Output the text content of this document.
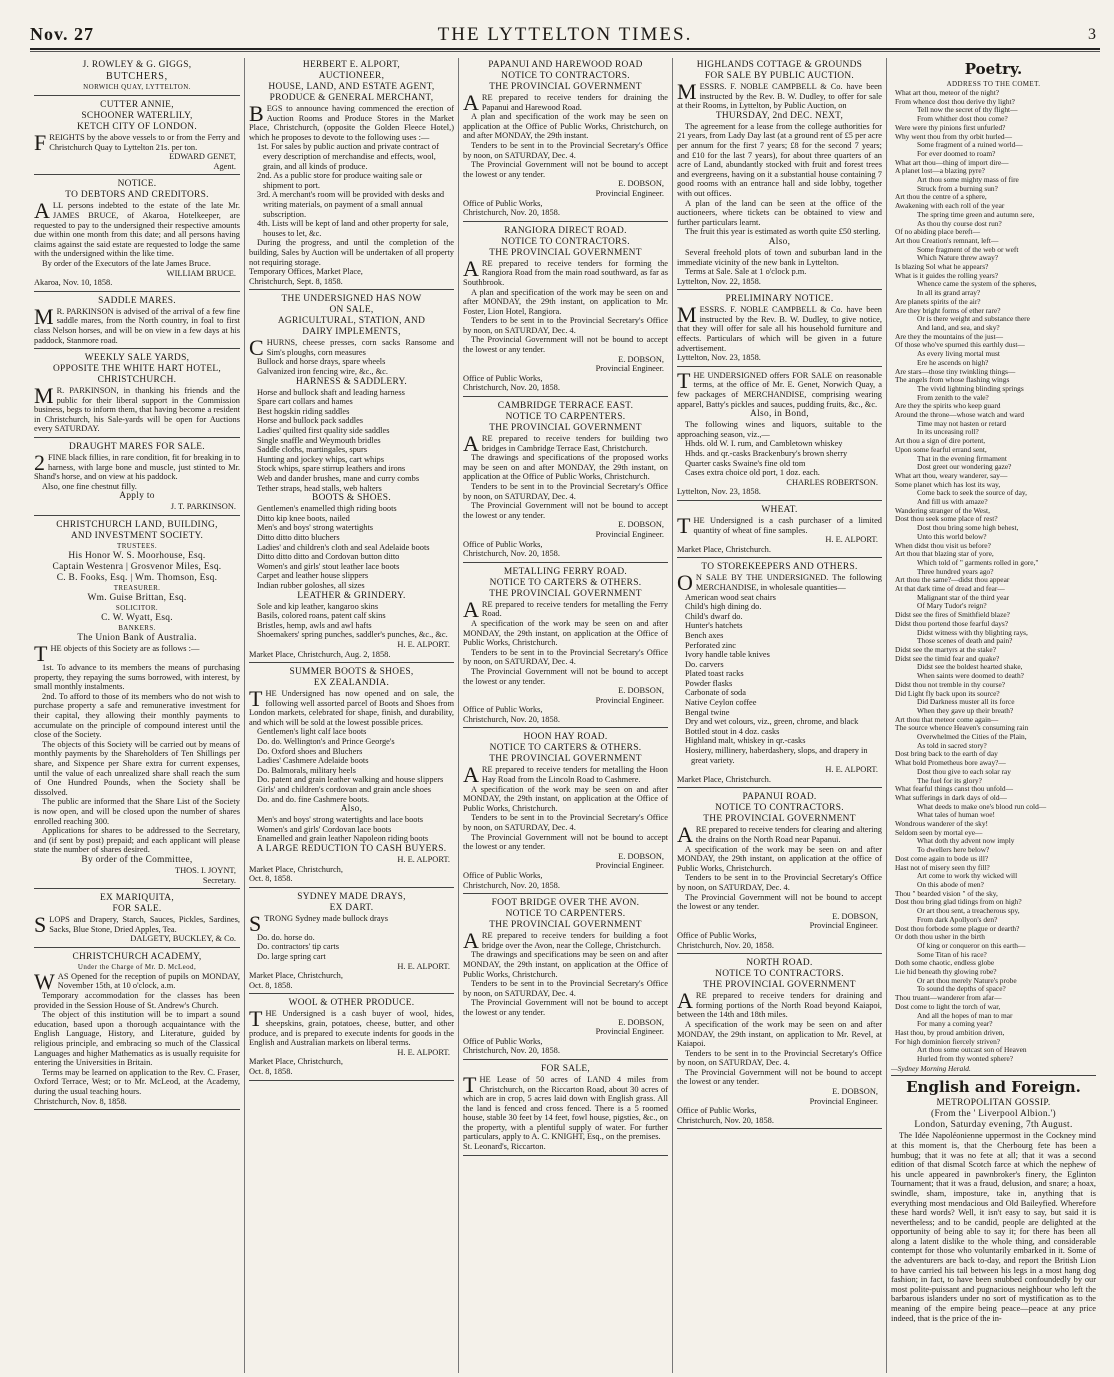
Nov. 27	THE LYTTELTON TIMES.	3
J. ROWLEY & G. GIGGS,
BUTCHERS,
NORWICH QUAY, LYTTELTON.
CUTTER ANNIE,
SCHOONER WATERLILY,
KETCH CITY OF LONDON.
FREIGHTS by the above vessels to or from the Ferry and Christchurch Quay to Lyttelton 21s. per ton.
EDWARD GENET,
Agent.
NOTICE.
TO DEBTORS AND CREDITORS.
ALL persons indebted to the estate of the late Mr. JAMES BRUCE, of Akaroa, Hotelkeeper, are requested to pay to the undersigned their respective amounts due within one month from this date; and all persons having claims against the said estate are requested to lodge the same with the undersigned within the like time.
By order of the Executors of the late James Bruce.
WILLIAM BRUCE.
Akaroa, Nov. 10, 1858.
SADDLE MARES.
M R. PARKINSON is advised of the arrival of a few fine saddle mares, from the North country, in foal to first class Nelson horses, and will be on view in a few days at his paddock, Stanmore road.
WEEKLY SALE YARDS,
OPPOSITE THE WHITE HART HOTEL,
CHRISTCHURCH.
M R. PARKINSON, in thanking his friends and the public for their liberal support in the Commission business, begs to inform them, that having become a resident in Christchurch, his Sale-yards will be open for Auctions every SATURDAY.
DRAUGHT MARES FOR SALE.
2 FINE black fillies, in rare condition, fit for breaking in to harness, with large bone and muscle, just stinted to Mr. Shand's horse, and on view at his paddock.
Also, one fine chestnut filly.
Apply to
J. T. PARKINSON.
CHRISTCHURCH LAND, BUILDING,
AND INVESTMENT SOCIETY.
TRUSTEES.
His Honor W. S. Moorhouse, Esq.
Captain Westenra | Grosvenor Miles, Esq.
C. B. Fooks, Esq. | Wm. Thomson, Esq.
TREASURER.
Wm. Guise Brittan, Esq.
SOLICITOR.
C. W. Wyatt, Esq.
BANKERS.
The Union Bank of Australia.
THE objects of this Society are as follows :—
1st. To advance to its members the means of purchasing property, they repaying the sums borrowed, with interest, by small monthly instalments.
2nd. To afford to those of its members who do not wish to purchase property a safe and remunerative investment for their capital, they allowing their monthly payments to accumulate on the principle of compound interest until the close of the Society.
The objects of this Society will be carried out by means of monthly payments by the Shareholders of Ten Shillings per share, and Sixpence per Share extra for current expenses, until the value of each unrealized share shall reach the sum of One Hundred Pounds, when the Society shall be dissolved.
The public are informed that the Share List of the Society is now open, and will be closed upon the number of shares enrolled reaching 300.
Applications for shares to be addressed to the Secretary, and (if sent by post) prepaid; and each applicant will please state the number of shares desired.
By order of the Committee,
THOS. I. JOYNT,
Secretary.
EX MARIQUITA,
FOR SALE.
SLOPS and Drapery, Starch, Sauces, Pickles, Sardines, Sacks, Blue Stone, Dried Apples, Tea.
DALGETY, BUCKLEY, & Co.
CHRISTCHURCH ACADEMY,
Under the Charge of Mr. D. McLeod,
WAS Opened for the reception of pupils on MONDAY, November 15th, at 10 o'clock, a.m.
Temporary accommodation for the classes has been provided in the Session House of St. Andrew's Church.
The object of this institution will be to impart a sound education, based upon a thorough acquaintance with the English Language, History, and Literature, guided by religious principle, and embracing so much of the Classical Languages and higher Mathematics as is usually requisite for entering the Universities in Britain.
Terms may be learned on application to the Rev. C. Fraser, Oxford Terrace, West; or to Mr. McLeod, at the Academy, during the usual teaching hours.
Christchurch, Nov. 8, 1858.
HERBERT E. ALPORT,
AUCTIONEER,
HOUSE, LAND, AND ESTATE AGENT,
PRODUCE & GENERAL MERCHANT,
BEGS to announce having commenced the erection of Auction Rooms and Produce Stores in the Market Place, Christchurch, (opposite the Golden Fleece Hotel,) which he proposes to devote to the following uses :—
1st. For sales by public auction and private contract of every description of merchandise and effects, wool, grain, and all kinds of produce.
2nd. As a public store for produce waiting sale or shipment to port.
3rd. A merchant's room will be provided with desks and writing materials, on payment of a small annual subscription.
4th. Lists will be kept of land and other property for sale, houses to let, &c.
During the progress, and until the completion of the building, Sales by Auction will be undertaken of all property not requiring storage.
Temporary Offices, Market Place,
Christchurch, Sept. 8, 1858.
THE UNDERSIGNED HAS NOW
ON SALE,
AGRICULTURAL, STATION, AND
DAIRY IMPLEMENTS,
CHURNS, cheese presses, corn sacks Ransome and Sim's ploughs, corn measures
Bullock and horse drays, spare wheels
Galvanized iron fencing wire, &c., &c.
HARNESS & SADDLERY.
Horse and bullock shaft and leading harness
Spare cart collars and hames
Best hogskin riding saddles
Horse and bullock pack saddles
Ladies' quilted first quality side saddles
Single snaffle and Weymouth bridles
Saddle cloths, martingales, spurs
Hunting and jockey whips, cart whips
Stock whips, spare stirrup leathers and irons
Web and dander brushes, mane and curry combs
Tether straps, head stalls, web halters
BOOTS & SHOES.
Gentlemen's enamelled thigh riding boots
Ditto kip knee boots, nailed
Men's and boys' strong watertights
Ditto ditto ditto bluchers
Ladies' and children's cloth and seal Adelaide boots
Ditto ditto ditto and Cordovan button ditto
Women's and girls' stout leather lace boots
Carpet and leather house slippers
Indian rubber goloshes, all sizes
LEATHER & GRINDERY.
Sole and kip leather, kangaroo skins
Basils, colored roans, patent calf skins
Bristles, hemp, awls and awl hafts
Shoemakers' spring punches, saddler's punches, &c., &c.
H. E. ALPORT.
Market Place, Christchurch, Aug. 2, 1858.
SUMMER BOOTS & SHOES,
EX ZEALANDIA.
THE Undersigned has now opened and on sale, the following well assorted parcel of Boots and Shoes from London markets, celebrated for shape, finish, and durability, and which will be sold at the lowest possible prices.
Gentlemen's light calf lace boots
Do. do. Wellington's and Prince George's
Do. Oxford shoes and Bluchers
Ladies' Cashmere Adelaide boots
Do. Balmorals, military heels
Do. patent and grain leather walking and house slippers
Girls' and children's cordovan and grain ancle shoes
Do. and do. fine Cashmere boots.
Also,
Men's and boys' strong watertights and lace boots
Women's and girls' Cordovan lace boots
Enamelled and grain leather Napoleon riding boots
A LARGE REDUCTION TO CASH BUYERS.
H. E. ALPORT.
Market Place, Christchurch,
Oct. 8, 1858.
SYDNEY MADE DRAYS,
EX DART.
STRONG Sydney made bullock drays
Do. do. horse do.
Do. contractors' tip carts
Do. large spring cart
H. E. ALPORT.
Market Place, Christchurch,
Oct. 8, 1858.
WOOL & OTHER PRODUCE.
THE Undersigned is a cash buyer of wool, hides, sheepskins, grain, potatoes, cheese, butter, and other produce, and is prepared to execute indents for goods in the English and Australian markets on liberal terms.
H. E. ALPORT.
Market Place, Christchurch,
Oct. 8, 1858.
PAPANUI AND HAREWOOD ROAD
NOTICE TO CONTRACTORS.
THE PROVINCIAL GOVERNMENT
ARE prepared to receive tenders for draining the Papanui and Harewood Road.
A plan and specification of the work may be seen on application at the Office of Public Works, Christchurch, on and after MONDAY, the 29th instant.
Tenders to be sent in to the Provincial Secretary's Office by noon, on SATURDAY, Dec. 4.
The Provincial Government will not be bound to accept the lowest or any tender.
E. DOBSON,
Provincial Engineer.
Office of Public Works,
Christchurch, Nov. 20, 1858.
RANGIORA DIRECT ROAD.
NOTICE TO CONTRACTORS.
THE PROVINCIAL GOVERNMENT
ARE prepared to receive tenders for forming the Rangiora Road from the main road southward, as far as Southbrook.
A plan and specification of the work may be seen on and after MONDAY, the 29th instant, on application to Mr. Foster, Lion Hotel, Rangiora.
Tenders to be sent in to the Provincial Secretary's Office by noon, on SATURDAY, Dec. 4.
The Provincial Government will not be bound to accept the lowest or any tender.
E. DOBSON,
Provincial Engineer.
Office of Public Works,
Christchurch, Nov. 20, 1858.
CAMBRIDGE TERRACE EAST.
NOTICE TO CARPENTERS.
THE PROVINCIAL GOVERNMENT
ARE prepared to receive tenders for building two bridges in Cambridge Terrace East, Christchurch.
The drawings and specifications of the proposed works may be seen on and after MONDAY, the 29th instant, on application at the Office of Public Works, Christchurch.
Tenders to be sent in to the Provincial Secretary's Office by noon, on SATURDAY, Dec. 4.
The Provincial Government will not be bound to accept the lowest or any tender.
E. DOBSON,
Provincial Engineer.
Office of Public Works,
Christchurch, Nov. 20, 1858.
METALLING FERRY ROAD.
NOTICE TO CARTERS & OTHERS.
THE PROVINCIAL GOVERNMENT
ARE prepared to receive tenders for metalling the Ferry Road.
A specification of the work may be seen on and after MONDAY, the 29th instant, on application at the Office of Public Works, Christchurch.
Tenders to be sent in to the Provincial Secretary's Office by noon, on SATURDAY, Dec. 4.
The Provincial Government will not be bound to accept the lowest or any tender.
E. DOBSON,
Provincial Engineer.
Office of Public Works,
Christchurch, Nov. 20, 1858.
HOON HAY ROAD.
NOTICE TO CARTERS & OTHERS.
THE PROVINCIAL GOVERNMENT
ARE prepared to receive tenders for metalling the Hoon Hay Road from the Lincoln Road to Cashmere.
A specification of the work may be seen on and after MONDAY, the 29th instant, on application at the Office of Public Works, Christchurch.
Tenders to be sent in to the Provincial Secretary's Office by noon, on SATURDAY, Dec. 4.
The Provincial Government will not be bound to accept the lowest or any tender.
E. DOBSON,
Provincial Engineer.
Office of Public Works,
Christchurch, Nov. 20, 1858.
FOOT BRIDGE OVER THE AVON.
NOTICE TO CARPENTERS.
THE PROVINCIAL GOVERNMENT
ARE prepared to receive tenders for building a foot bridge over the Avon, near the College, Christchurch.
The drawings and specifications may be seen on and after MONDAY, the 29th instant, on application at the Office of Public Works, Christchurch.
Tenders to be sent in to the Provincial Secretary's Office by noon, on SATURDAY, Dec. 4.
The Provincial Government will not be bound to accept the lowest or any tender.
E. DOBSON,
Provincial Engineer.
Office of Public Works,
Christchurch, Nov. 20, 1858.
FOR SALE,
THE Lease of 50 acres of LAND 4 miles from Christchurch, on the Riccarton Road, about 30 acres of which are in crop, 5 acres laid down with English grass. All the land is fenced and cross fenced. There is a 5 roomed house, stable 30 feet by 14 feet, fowl house, pigsties, &c., on the property, with a plentiful supply of water. For further particulars, apply to A. C. KNIGHT, Esq., on the premises.
St. Leonard's, Riccarton.
HIGHLANDS COTTAGE & GROUNDS
FOR SALE BY PUBLIC AUCTION.
MESSRS. F. NOBLE CAMPBELL & Co. have been instructed by the Rev. B. W. Dudley, to offer for sale at their Rooms, in Lyttelton, by Public Auction, on
THURSDAY, 2nd DEC. NEXT,
The agreement for a lease from the college authorities for 21 years, from Lady Day last (at a ground rent of £5 per acre per annum for the first 7 years; £8 for the second 7 years; and £10 for the last 7 years), for about three quarters of an acre of Land, abundantly stocked with fruit and forest trees and evergreens, having on it a substantial house containing 7 good rooms with an entrance hall and side lobby, together with out offices.
A plan of the land can be seen at the office of the auctioneers, where tickets can be obtained to view and further particulars learnt.
The fruit this year is estimated as worth quite £50 sterling.
Also,
Several freehold plots of town and suburban land in the immediate vicinity of the new bank in Lyttelton.
Terms at Sale. Sale at 1 o'clock p.m.
Lyttelton, Nov. 22, 1858.
PRELIMINARY NOTICE.
MESSRS. F. NOBLE CAMPBELL & Co. have been instructed by the Rev. B. W. Dudley, to give notice, that they will offer for sale all his household furniture and effects. Particulars of which will be given in a future advertisement.
Lyttelton, Nov. 23, 1858.
THE UNDERSIGNED offers FOR SALE on reasonable terms, at the office of Mr. E. Genet, Norwich Quay, a few packages of MERCHANDISE, comprising wearing apparel, Batty's pickles and sauces, pudding fruits, &c., &c.
Also, in Bond,
The following wines and liquors, suitable to the approaching season, viz.,—
Hhds. old W. I. rum, and Cambletown whiskey
Hhds. and qr.-casks Brackenbury's brown sherry
Quarter casks Swaine's fine old tom
Cases extra choice old port, 1 doz. each.
CHARLES ROBERTSON.
Lyttelton, Nov. 23, 1858.
WHEAT.
THE Undersigned is a cash purchaser of a limited quantity of wheat of fine samples.
H. E. ALPORT.
Market Place, Christchurch.
TO STOREKEEPERS AND OTHERS.
O N SALE BY THE UNDERSIGNED. The following MERCHANDISE, in wholesale quantities—
American wood seat chairs
Child's high dining do.
Child's dwarf do.
Hunter's hatchets
Bench axes
Perforated zinc
Ivory handle table knives
Do. carvers
Plated toast racks
Powder flasks
Carbonate of soda
Native Ceylon coffee
Bengal twine
Dry and wet colours, viz., green, chrome, and black
Bottled stout in 4 doz. casks
Highland malt, whiskey in qr.-casks
Hosiery, millinery, haberdashery, slops, and drapery in great variety.
H. E. ALPORT.
Market Place, Christchurch.
PAPANUI ROAD.
NOTICE TO CONTRACTORS.
THE PROVINCIAL GOVERNMENT
ARE prepared to receive tenders for clearing and altering the drains on the North Road near Papanui.
A specification of the work may be seen on and after MONDAY, the 29th instant, on application at the office of Public Works, Christchurch.
Tenders to be sent in to the Provincial Secretary's Office by noon, on SATURDAY, Dec. 4.
The Provincial Government will not be bound to accept the lowest or any tender.
E. DOBSON,
Provincial Engineer.
Office of Public Works,
Christchurch, Nov. 20, 1858.
NORTH ROAD.
NOTICE TO CONTRACTORS.
THE PROVINCIAL GOVERNMENT
ARE prepared to receive tenders for draining and forming portions of the North Road beyond Kaiapoi, between the 14th and 18th miles.
A specification of the work may be seen on and after MONDAY, the 29th instant, on application to Mr. Revel, at Kaiapoi.
Tenders to be sent in to the Provincial Secretary's Office by noon, on SATURDAY, Dec. 4.
The Provincial Government will not be bound to accept the lowest or any tender.
E. DOBSON,
Provincial Engineer.
Office of Public Works,
Christchurch, Nov. 20, 1858.
Poetry.
ADDRESS TO THE COMET.
What art thou, meteor of the night?
From whence dost thou derive thy light?
Tell now the secret of thy flight—
From whither dost thou come?
Were were thy pinions first unfurled?
Why went thou from thy orbit hurled—
Some fragment of a ruined world—
For ever doomed to roam?
What art thou—thing of import dire—
A planet lost—a blazing pyre?
Art thou some mighty mass of fire
Struck from a burning sun?
Art thou the centre of a sphere,
Awakening with each roll of the year
The spring time green and autumn sere,
As thou thy course dost run?
Of no abiding place bereft—
Art thou Creation's remnant, left—
Some fragment of the web or weft
Which Nature threw away?
Is blazing Sol what he appears?
What is it guides the rolling years?
Whence came the system of the spheres,
In all its grand array?
Are planets spirits of the air?
Are they bright forms of ether rare?
Or is there weight and substance there
And land, and sea, and sky?
Are they the mountains of the just—
Of those who've spurned this earthly dust—
As every living mortal must
Ere he ascends on high?
Are stars—those tiny twinkling things—
The angels from whose flashing wings
The vivid lightning blinding springs
From zenith to the vale?
Are they the spirits who keep guard
Around the throne—whose watch and ward
Time may not hasten or retard
In its unceasing roll?
Art thou a sign of dire portent,
Upon some fearful errand sent,
That in the evening firmament
Dost greet our wondering gaze?
What art thou, weary wanderer, say—
Some planet which has lost its way,
Come back to seek the source of day,
And fill us with amaze?
Wandering stranger of the West,
Dost thou seek some place of rest?
Dost thou bring some high behest,
Unto this world below?
When didst thou visit us before?
Art thou that blazing star of yore,
Which told of " garments rolled in gore,"
Three hundred years ago?
Art thou the same?—didst thou appear
At that dark time of dread and fear—
Malignant star of the third year
Of Mary Tudor's reign?
Didst see the fires of Smithfield blaze?
Didst thou portend those fearful days?
Didst witness with thy blighting rays,
Those scenes of death and pain?
Didst see the martyrs at the stake?
Didst see the timid fear and quake?
Didst see the boldest hearted shake,
When saints were doomed to death?
Didst thou not tremble in thy course?
Did Light fly back upon its source?
Did Darkness muster all its force
When they gave up their breath?
Art thou that meteor come again—
The source whence Heaven's consuming rain
Overwhelmed the Cities of the Plain,
As told in sacred story?
Dost bring back to the earth of day
What bold Prometheus bore away?—
Dost thou give to each solar ray
The fuel for its glory?
What fearful things canst thou unfold—
What sufferings in dark days of old—
What deeds to make one's blood run cold—
What tales of human woe!
Wondrous wanderer of the sky!
Seldom seen by mortal eye—
What doth thy advent now imply
To dwellers here below?
Dost come again to bode us ill?
Hast not of misery seen thy fill?
Art come to work thy wicked will
On this abode of men?
Thou " bearded vision " of the sky,
Dost thou bring glad tidings from on high?
Or art thou sent, a treacherous spy,
From dark Apollyon's den?
Dost thou forbode some plague or dearth?
Or doth thou usher in the birth
Of king or conqueror on this earth—
Some Titan of his race?
Doth some chaotic, endless globe
Lie hid beneath thy glowing robe?
Or art thou merely Nature's probe
To sound the depths of space?
Thou truant—wanderer from afar—
Dost come to light the torch of war,
And all the hopes of man to mar
For many a coming year?
Hast thou, by proud ambition driven,
For high dominion fiercely striven?
Art thou some outcast son of Heaven
Hurled from thy wonted sphere?
—Sydney Morning Herald.
English and Foreign.
METROPOLITAN GOSSIP.
(From the ' Liverpool Albion.')
London, Saturday evening, 7th August.
The Idée Napoléonienne uppermost in the Cockney mind at this moment is, that the Cherbourg fete has been a humbug; that it was no fete at all; that it was a second edition of that dismal Scotch farce at which the nephew of his uncle appeared in pawnbroker's finery, the Eglinton Tournament; that it was a fraud, delusion, and snare; a hoax, swindle, sham, imposture, take in, anything that is everything most mendacious and Old Baileyfied. Wherefore these hard words? Well, it isn't easy to say, but said it is nevertheless; and to be candid, people are delighted at the opportunity of being able to say it; for there has been all along a latent dislike to the whole thing, and considerable contempt for those who voluntarily embarked in it. Some of the adventurers are back to-day, and report the British Lion to have carried his tail between his legs in a most hang dog fashion; in fact, to have been snubbed confoundedly by our most polite-puissant and pugnacious neighbour who left the barbarous islanders under no sort of mystification as to the meaning of the empire being peace—peace at any price indeed, that is the price of the in-
